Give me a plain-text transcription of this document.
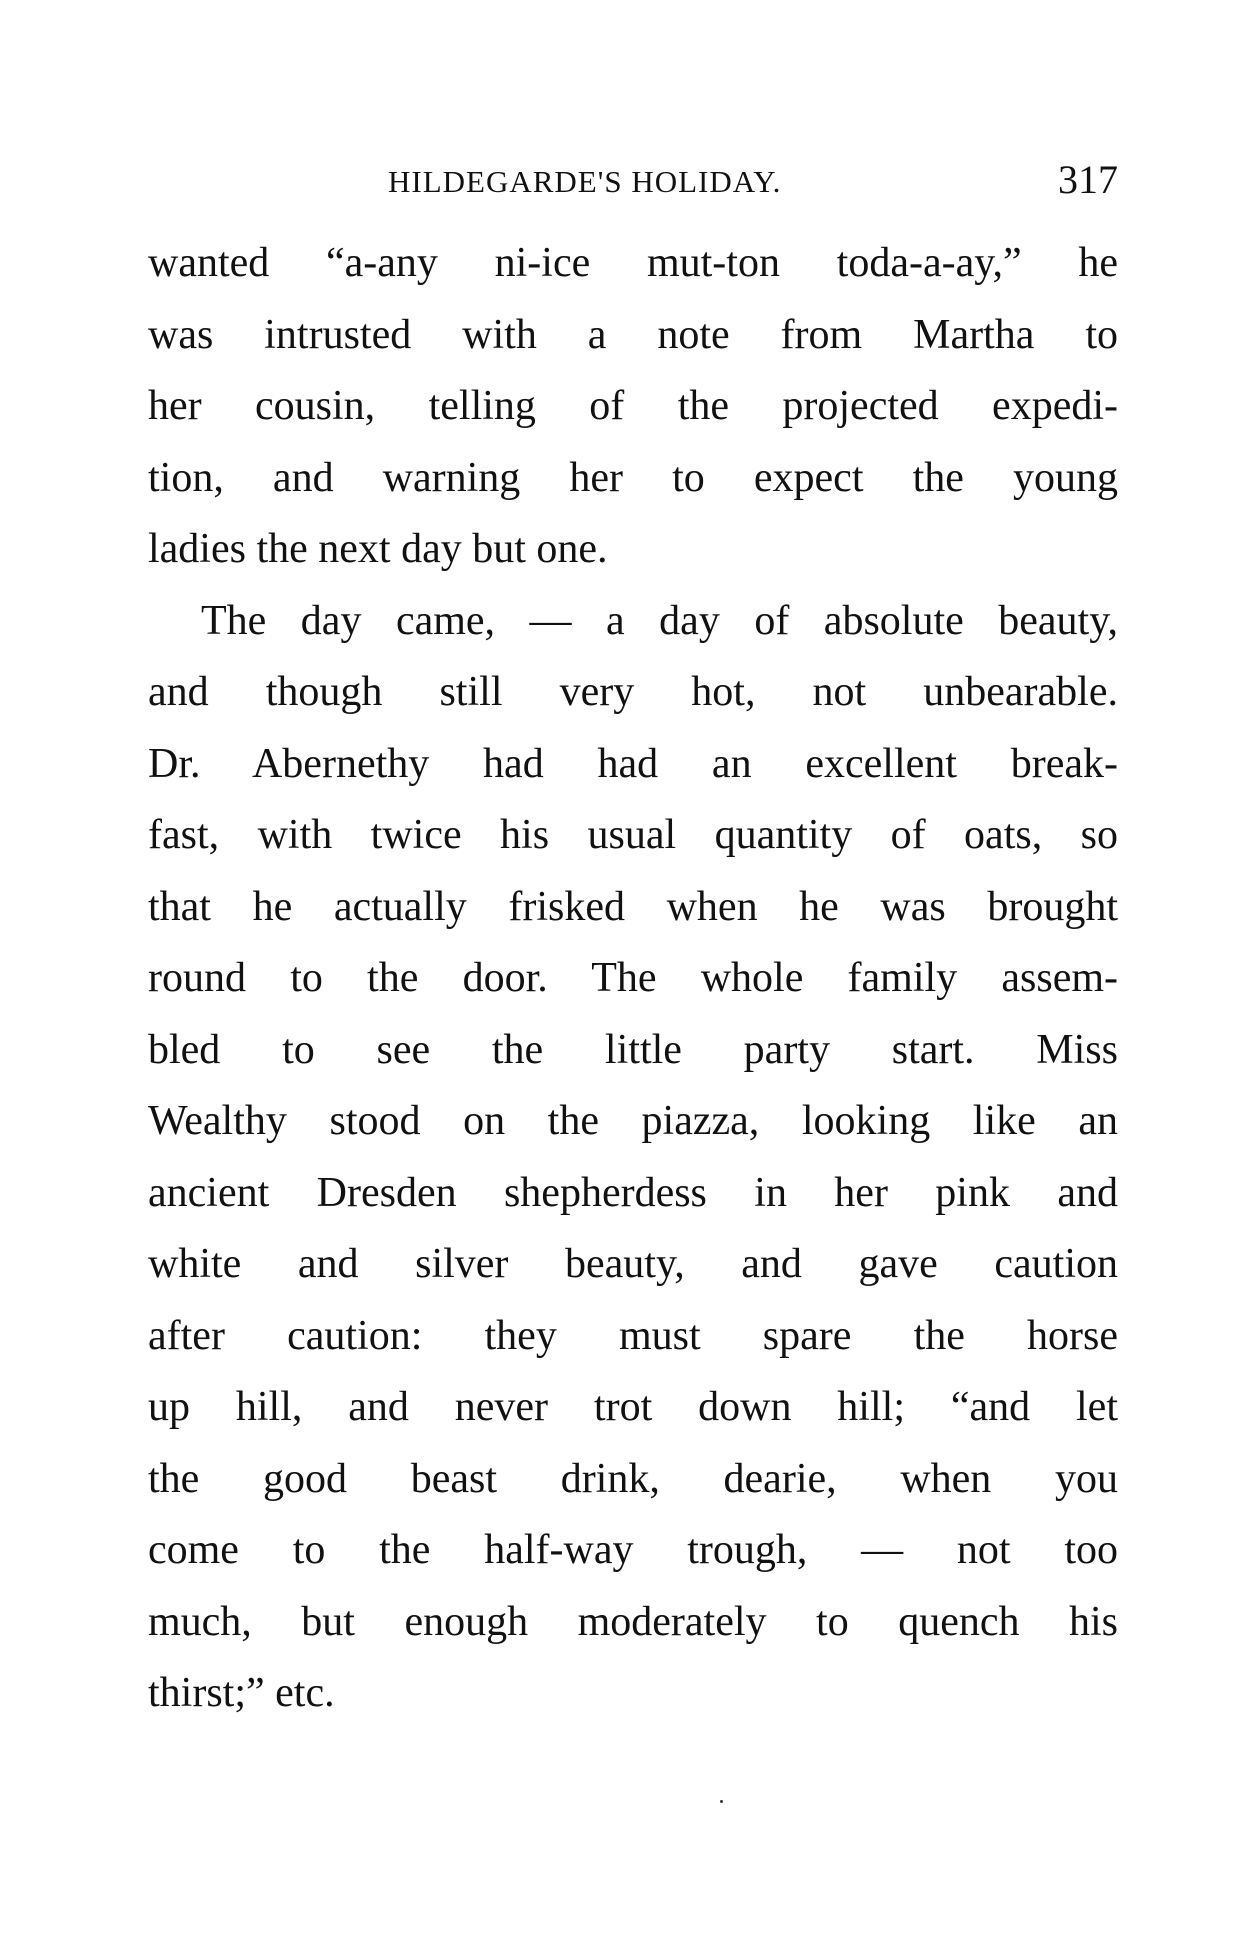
HILDEGARDE'S HOLIDAY.	317
wanted “a-any ni-ice mut-ton toda-a-ay,” he
was intrusted with a note from Martha to
her cousin, telling of the projected expedi-
tion, and warning her to expect the young
ladies the next day but one.
The day came, — a day of absolute beauty,
and though still very hot, not unbearable.
Dr. Abernethy had had an excellent break-
fast, with twice his usual quantity of oats, so
that he actually frisked when he was brought
round to the door. The whole family assem-
bled to see the little party start. Miss
Wealthy stood on the piazza, looking like an
ancient Dresden shepherdess in her pink and
white and silver beauty, and gave caution
after caution: they must spare the horse
up hill, and never trot down hill; “and let
the good beast drink, dearie, when you
come to the half-way trough, — not too
much, but enough moderately to quench his
thirst;” etc.
